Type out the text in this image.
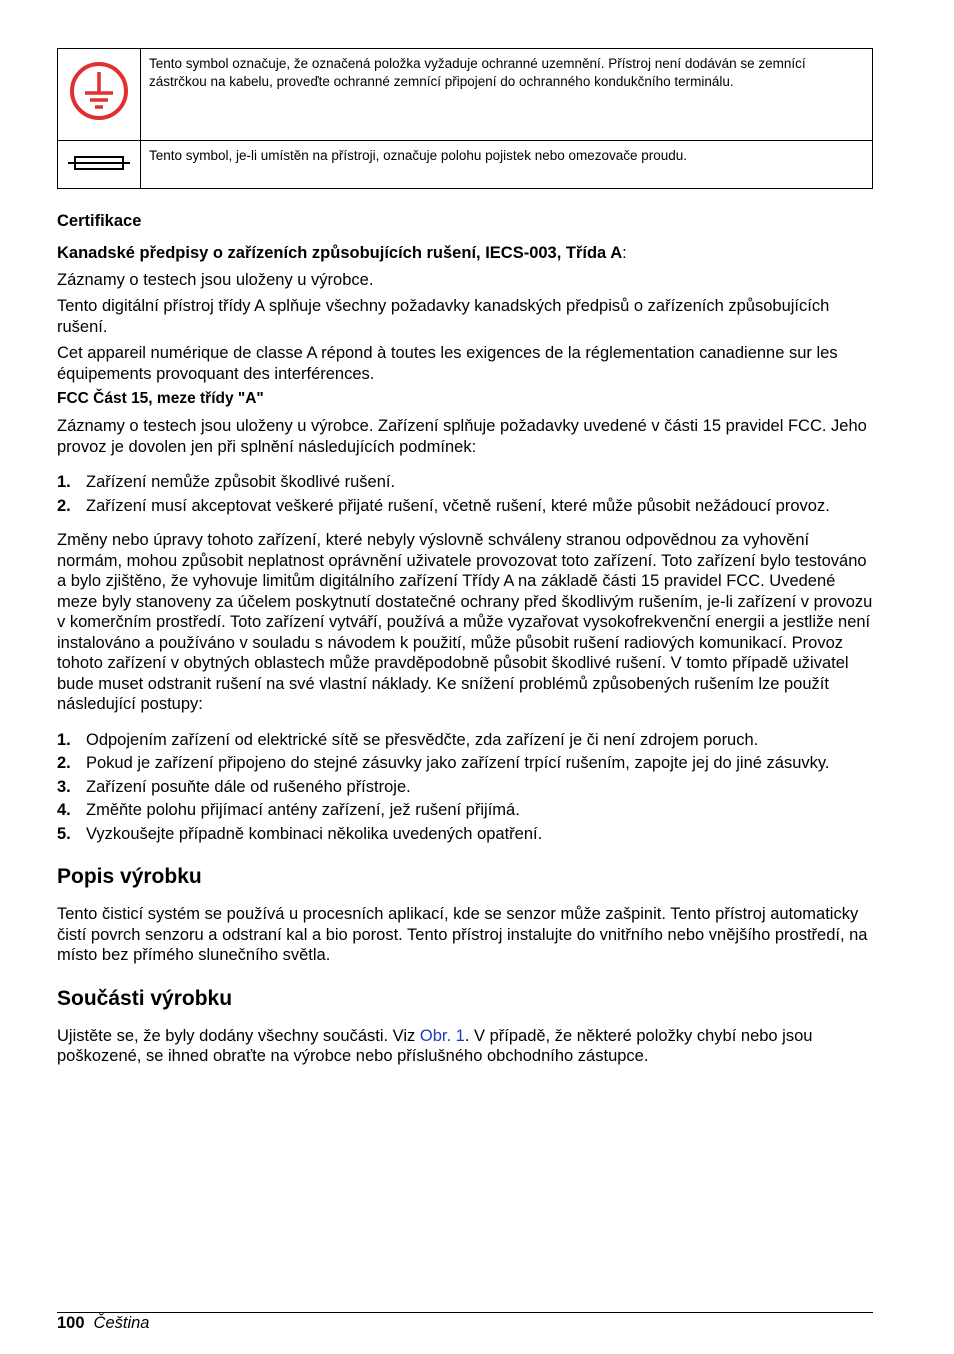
	Tento symbol označuje, že označená položka vyžaduje ochranné uzemnění. Přístroj není dodáván se zemnící zástrčkou na kabelu, proveďte ochranné zemnící připojení do ochranného kondukčního terminálu.
	Tento symbol, je-li umístěn na přístroji, označuje polohu pojistek nebo omezovače proudu.
Certifikace

Kanadské předpisy o zařízeních způsobujících rušení, IECS-003, Třída A:

Záznamy o testech jsou uloženy u výrobce.

Tento digitální přístroj třídy A splňuje všechny požadavky kanadských předpisů o zařízeních způsobujících rušení.

Cet appareil numérique de classe A répond à toutes les exigences de la réglementation canadienne sur les équipements provoquant des interférences.

FCC Část 15, meze třídy "A"

Záznamy o testech jsou uloženy u výrobce. Zařízení splňuje požadavky uvedené v části 15 pravidel FCC. Jeho provoz je dovolen jen při splnění následujících podmínek:

1. Zařízení nemůže způsobit škodlivé rušení.
2. Zařízení musí akceptovat veškeré přijaté rušení, včetně rušení, které může působit nežádoucí provoz.

Změny nebo úpravy tohoto zařízení, které nebyly výslovně schváleny stranou odpovědnou za vyhovění normám, mohou způsobit neplatnost oprávnění uživatele provozovat toto zařízení. Toto zařízení bylo testováno a bylo zjištěno, že vyhovuje limitům digitálního zařízení Třídy A na základě části 15 pravidel FCC. Uvedené meze byly stanoveny za účelem poskytnutí dostatečné ochrany před škodlivým rušením, je-li zařízení v provozu v komerčním prostředí. Toto zařízení vytváří, používá a může vyzařovat vysokofrekvenční energii a jestliže není instalováno a používáno v souladu s návodem k použití, může působit rušení radiových komunikací. Provoz tohoto zařízení v obytných oblastech může pravděpodobně působit škodlivé rušení. V tomto případě uživatel bude muset odstranit rušení na své vlastní náklady. Ke snížení problémů způsobených rušením lze použít následující postupy:

1. Odpojením zařízení od elektrické sítě se přesvědčte, zda zařízení je či není zdrojem poruch.
2. Pokud je zařízení připojeno do stejné zásuvky jako zařízení trpící rušením, zapojte jej do jiné zásuvky.
3. Zařízení posuňte dále od rušeného přístroje.
4. Změňte polohu přijímací antény zařízení, jež rušení přijímá.
5. Vyzkoušejte případně kombinaci několika uvedených opatření.
Popis výrobku

Tento čisticí systém se používá u procesních aplikací, kde se senzor může zašpinit. Tento přístroj automaticky čistí povrch senzoru a odstraní kal a bio porost. Tento přístroj instalujte do vnitřního nebo vnějšího prostředí, na místo bez přímého slunečního světla.

Součásti výrobku

Ujistěte se, že byly dodány všechny součásti. Viz Obr. 1. V případě, že některé položky chybí nebo jsou poškozené, se ihned obraťte na výrobce nebo příslušného obchodního zástupce.

100 Čeština
